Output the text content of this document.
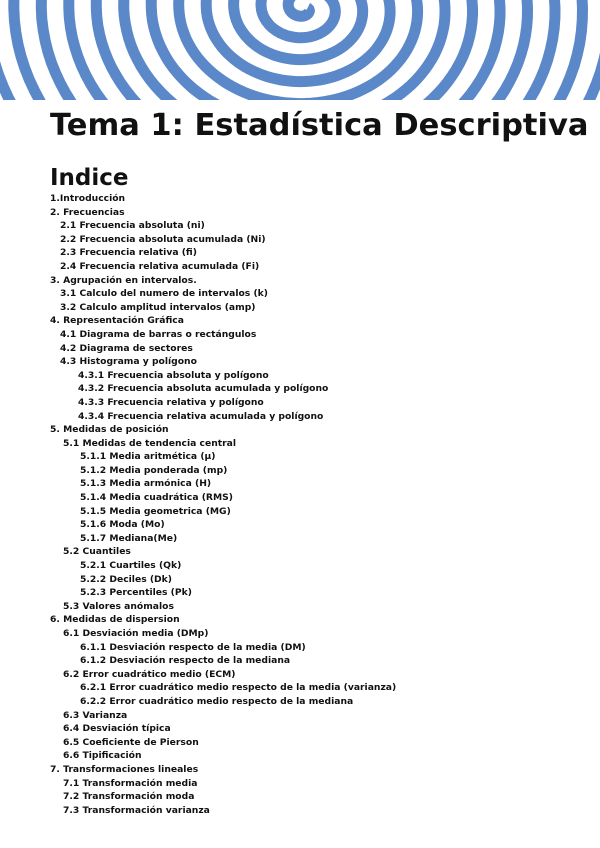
Tema 1: Estadística Descriptiva
Indice
1.Introducción
2. Frecuencias
2.1 Frecuencia absoluta (ni)
2.2 Frecuencia absoluta acumulada (Ni)
2.3 Frecuencia relativa (fi)
2.4 Frecuencia relativa acumulada (Fi)
3. Agrupación en intervalos.
3.1 Calculo del numero de intervalos (k)
3.2 Calculo amplitud intervalos (amp)
4. Representación Gráfica
4.1 Diagrama de barras o rectángulos
4.2 Diagrama de sectores
4.3 Histograma y polígono
4.3.1 Frecuencia absoluta y polígono
4.3.2 Frecuencia absoluta acumulada y polígono
4.3.3 Frecuencia relativa y polígono
4.3.4 Frecuencia relativa acumulada y polígono
5. Medidas de posición
5.1 Medidas de tendencia central
5.1.1 Media aritmética (µ)
5.1.2 Media ponderada (mp)
5.1.3 Media armónica (H)
5.1.4 Media cuadrática (RMS)
5.1.5 Media geometrica (MG)
5.1.6 Moda (Mo)
5.1.7 Mediana(Me)
5.2 Cuantiles
5.2.1 Cuartiles (Qk)
5.2.2 Deciles (Dk)
5.2.3 Percentiles (Pk)
5.3 Valores anómalos
6. Medidas de dispersion
6.1 Desviación media (DMp)
6.1.1 Desviación respecto de la media (DM)
6.1.2 Desviación respecto de la mediana
6.2 Error cuadrático medio (ECM)
6.2.1 Error cuadrático medio respecto de la media (varianza)
6.2.2 Error cuadrático medio respecto de la mediana
6.3 Varianza
6.4 Desviación típica
6.5 Coeficiente de Pierson
6.6 Tipificación
7. Transformaciones lineales
7.1 Transformación media
7.2 Transformación moda
7.3 Transformación varianza
